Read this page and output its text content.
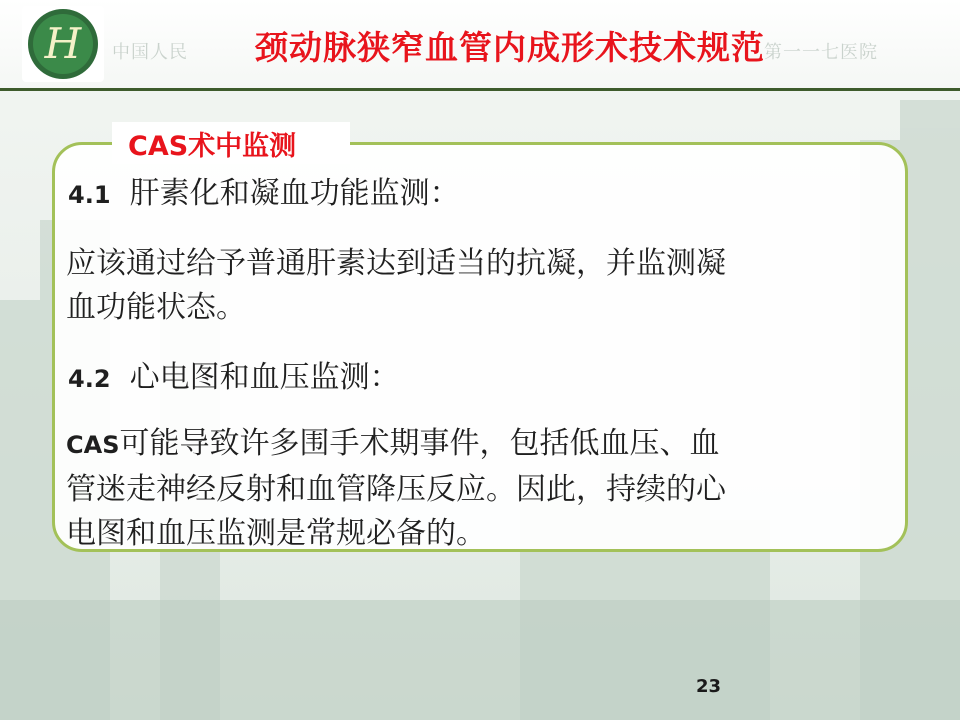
H 中国人民	第一一七医院
颈动脉狭窄血管内成形术技术规范
CAS术中监测
4.1 肝素化和凝血功能监测：
应该通过给予普通肝素达到适当的抗凝，并监测凝
血功能状态。
4.2 心电图和血压监测：
CAS可能导致许多围手术期事件，包括低血压、血
管迷走神经反射和血管降压反应。因此，持续的心
电图和血压监测是常规必备的。
23
